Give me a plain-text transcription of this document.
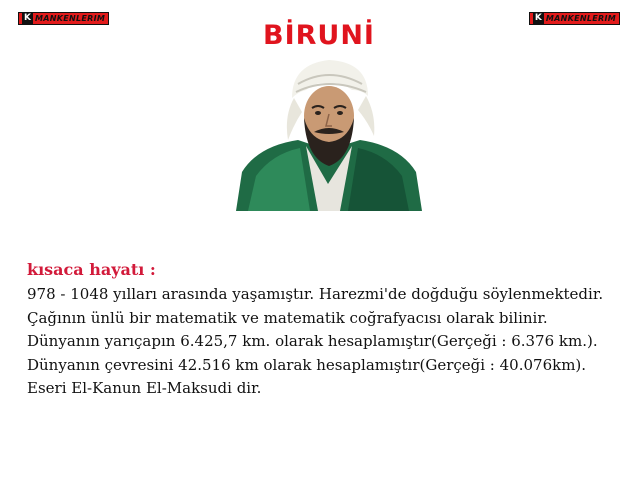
K MANKENLERIM	K MANKENLERIM
BİRUNİ
kısaca hayatı :
978 - 1048 yılları arasında yaşamıştır. Harezmi'de doğduğu söylenmektedir.
Çağının ünlü bir matematik ve matematik coğrafyacısı olarak bilinir.
Dünyanın yarıçapın 6.425,7 km. olarak hesaplamıştır(Gerçeği : 6.376 km.).
Dünyanın çevresini 42.516 km olarak hesaplamıştır(Gerçeği : 40.076km).
Eseri El-Kanun El-Maksudi dir.
